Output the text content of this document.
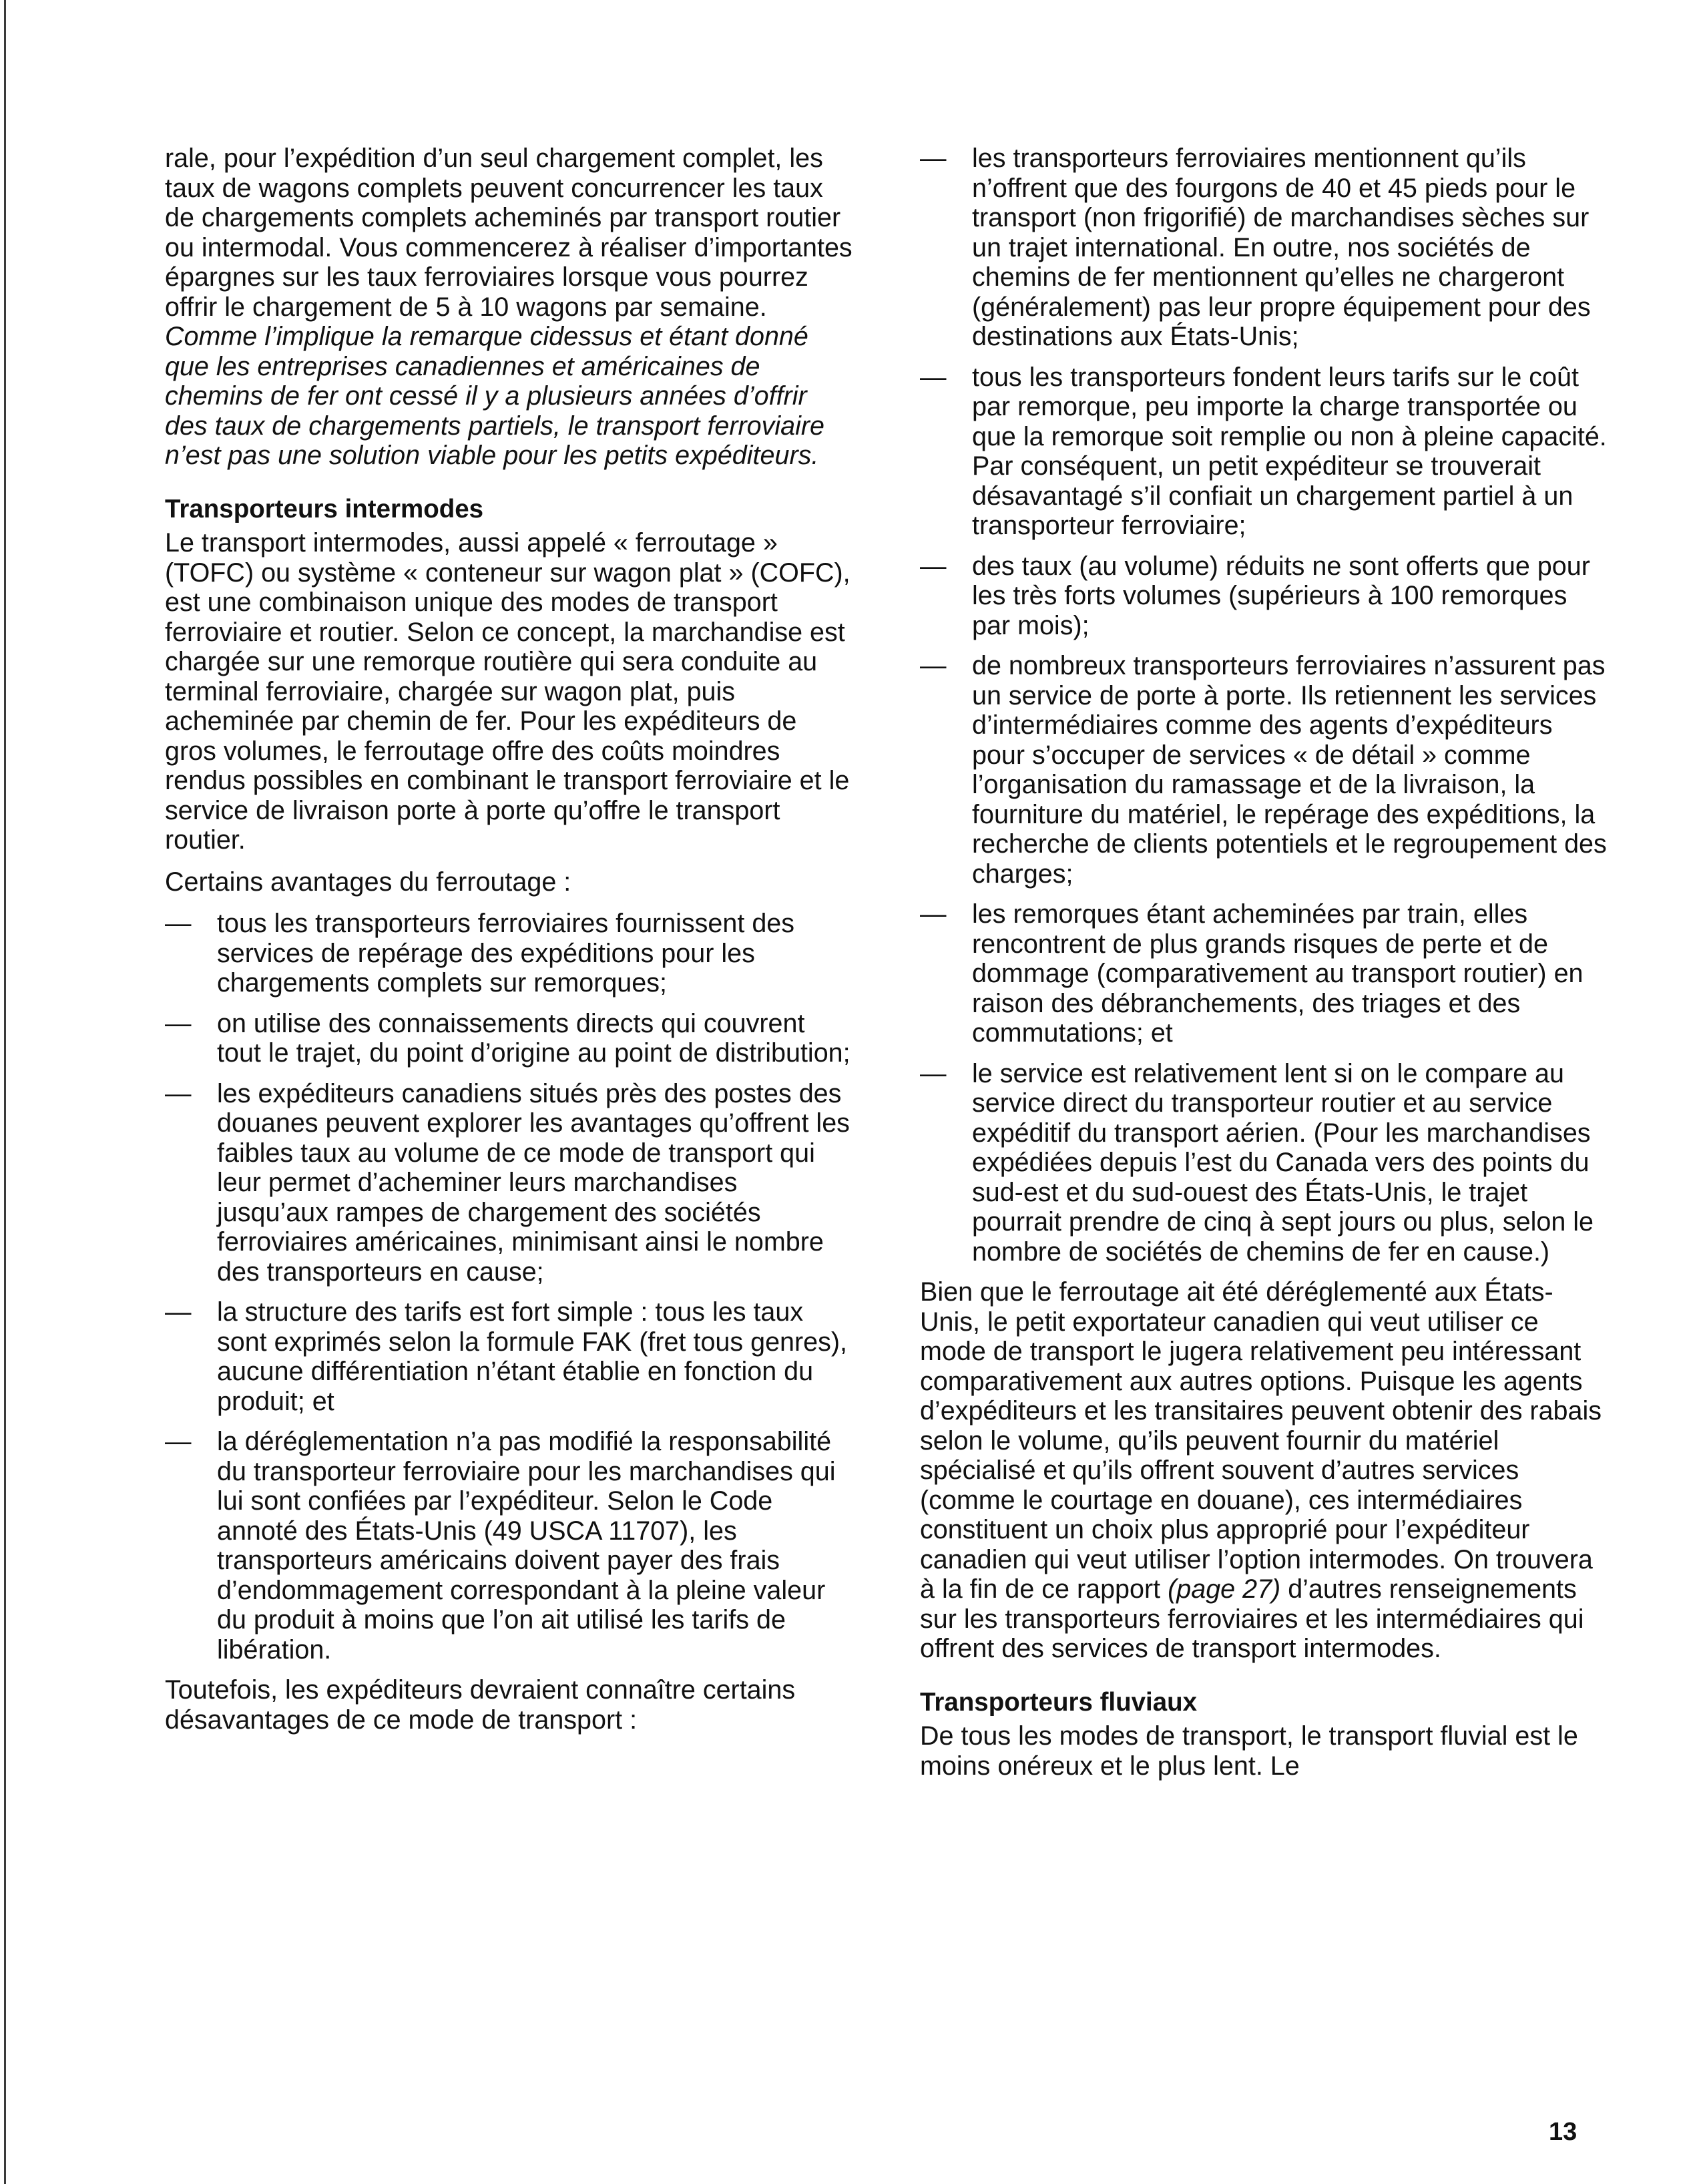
rale, pour l’expédition d’un seul chargement complet, les taux de wagons complets peuvent concurrencer les taux de chargements complets acheminés par transport routier ou intermodal. Vous commencerez à réaliser d’importantes épargnes sur les taux ferroviaires lorsque vous pourrez offrir le chargement de 5 à 10 wagons par semaine. Comme l’implique la remarque cidessus et étant donné que les entreprises canadiennes et américaines de chemins de fer ont cessé il y a plusieurs années d’offrir des taux de chargements partiels, le transport ferroviaire n’est pas une solution viable pour les petits expéditeurs.

Transporteurs intermodes

Le transport intermodes, aussi appelé « ferroutage » (TOFC) ou système « conteneur sur wagon plat » (COFC), est une combinaison unique des modes de transport ferroviaire et routier. Selon ce concept, la marchandise est chargée sur une remorque routière qui sera conduite au terminal ferroviaire, chargée sur wagon plat, puis acheminée par chemin de fer. Pour les expéditeurs de gros volumes, le ferroutage offre des coûts moindres rendus possibles en combinant le transport ferroviaire et le service de livraison porte à porte qu’offre le transport routier.

Certains avantages du ferroutage :

— tous les transporteurs ferroviaires fournissent des services de repérage des expéditions pour les chargements complets sur remorques;
— on utilise des connaissements directs qui couvrent tout le trajet, du point d’origine au point de distribution;
— les expéditeurs canadiens situés près des postes des douanes peuvent explorer les avantages qu’offrent les faibles taux au volume de ce mode de transport qui leur permet d’acheminer leurs marchandises jusqu’aux rampes de chargement des sociétés ferroviaires américaines, minimisant ainsi le nombre des transporteurs en cause;
— la structure des tarifs est fort simple : tous les taux sont exprimés selon la formule FAK (fret tous genres), aucune différentiation n’étant établie en fonction du produit; et
— la déréglementation n’a pas modifié la responsabilité du transporteur ferroviaire pour les marchandises qui lui sont confiées par l’expéditeur. Selon le Code annoté des États-Unis (49 USCA 11707), les transporteurs américains doivent payer des frais d’endommagement correspondant à la pleine valeur du produit à moins que l’on ait utilisé les tarifs de libération.

Toutefois, les expéditeurs devraient connaître certains désavantages de ce mode de transport :

— les transporteurs ferroviaires mentionnent qu’ils n’offrent que des fourgons de 40 et 45 pieds pour le transport (non frigorifié) de marchandises sèches sur un trajet international. En outre, nos sociétés de chemins de fer mentionnent qu’elles ne chargeront (généralement) pas leur propre équipement pour des destinations aux États-Unis;
— tous les transporteurs fondent leurs tarifs sur le coût par remorque, peu importe la charge transportée ou que la remorque soit remplie ou non à pleine capacité. Par conséquent, un petit expéditeur se trouverait désavantagé s’il confiait un chargement partiel à un transporteur ferroviaire;
— des taux (au volume) réduits ne sont offerts que pour les très forts volumes (supérieurs à 100 remorques par mois);
— de nombreux transporteurs ferroviaires n’assurent pas un service de porte à porte. Ils retiennent les services d’intermédiaires comme des agents d’expéditeurs pour s’occuper de services « de détail » comme l’organisation du ramassage et de la livraison, la fourniture du matériel, le repérage des expéditions, la recherche de clients potentiels et le regroupement des charges;
— les remorques étant acheminées par train, elles rencontrent de plus grands risques de perte et de dommage (comparativement au transport routier) en raison des débranchements, des triages et des commutations; et
— le service est relativement lent si on le compare au service direct du transporteur routier et au service expéditif du transport aérien. (Pour les marchandises expédiées depuis l’est du Canada vers des points du sud-est et du sud-ouest des États-Unis, le trajet pourrait prendre de cinq à sept jours ou plus, selon le nombre de sociétés de chemins de fer en cause.)

Bien que le ferroutage ait été déréglementé aux États-Unis, le petit exportateur canadien qui veut utiliser ce mode de transport le jugera relativement peu intéressant comparativement aux autres options. Puisque les agents d’expéditeurs et les transitaires peuvent obtenir des rabais selon le volume, qu’ils peuvent fournir du matériel spécialisé et qu’ils offrent souvent d’autres services (comme le courtage en douane), ces intermédiaires constituent un choix plus approprié pour l’expéditeur canadien qui veut utiliser l’option intermodes. On trouvera à la fin de ce rapport (page 27) d’autres renseignements sur les transporteurs ferroviaires et les intermédiaires qui offrent des services de transport intermodes.

Transporteurs fluviaux

De tous les modes de transport, le transport fluvial est le moins onéreux et le plus lent. Le

13
